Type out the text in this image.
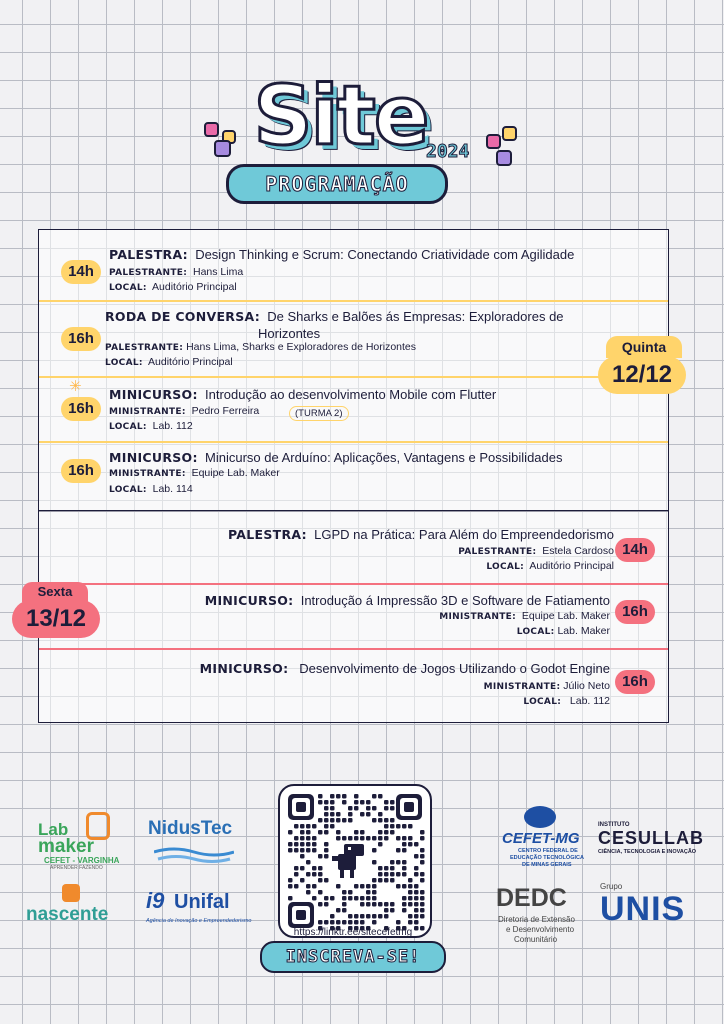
Site
2024
PROGRAMAÇÃO
14h
PALESTRA: Design Thinking e Scrum: Conectando Criatividade com Agilidade
PALESTRANTE: Hans Lima
LOCAL: Auditório Principal
16h
RODA DE CONVERSA: De Sharks e Balões ás Empresas: Exploradores de
Horizontes
PALESTRANTE: Hans Lima, Sharks e Exploradores de Horizontes
LOCAL: Auditório Principal
✳
16h
MINICURSO: Introdução ao desenvolvimento Mobile com Flutter
MINISTRANTE: Pedro Ferreira	(TURMA 2)
LOCAL: Lab. 112
16h
MINICURSO: Minicurso de Arduíno: Aplicações, Vantagens e Possibilidades
MINISTRANTE: Equipe Lab. Maker
LOCAL: Lab. 114
Quinta
12/12
PALESTRA: LGPD na Prática: Para Além do Empreendedorismo
PALESTRANTE: Estela Cardoso
LOCAL: Auditório Principal
14h
MINICURSO: Introdução á Impressão 3D e Software de Fatiamento
MINISTRANTE: Equipe Lab. Maker
LOCAL: Lab. Maker
16h
MINICURSO: Desenvolvimento de Jogos Utilizando o Godot Engine
MINISTRANTE: Júlio Neto
LOCAL: Lab. 112
16h
Sexta
13/12
https://linktr.ee/sitecefetmg
INSCREVA-SE!
Lab
maker
CEFET - VARGINHA
APRENDER FAZENDO
nascente
NidusTec
i9 Unifal
Agência de Inovação e Empreendedorismo
CEFET-MG
CENTRO FEDERAL DE
EDUCAÇÃO TECNOLÓGICA
DE MINAS GERAIS
INSTITUTO
CESULLAB
CIÊNCIA, TECNOLOGIA E INOVAÇÃO
DEDC
Diretoria de Extensão
e Desenvolvimento
Comunitário
Grupo
UNIS
